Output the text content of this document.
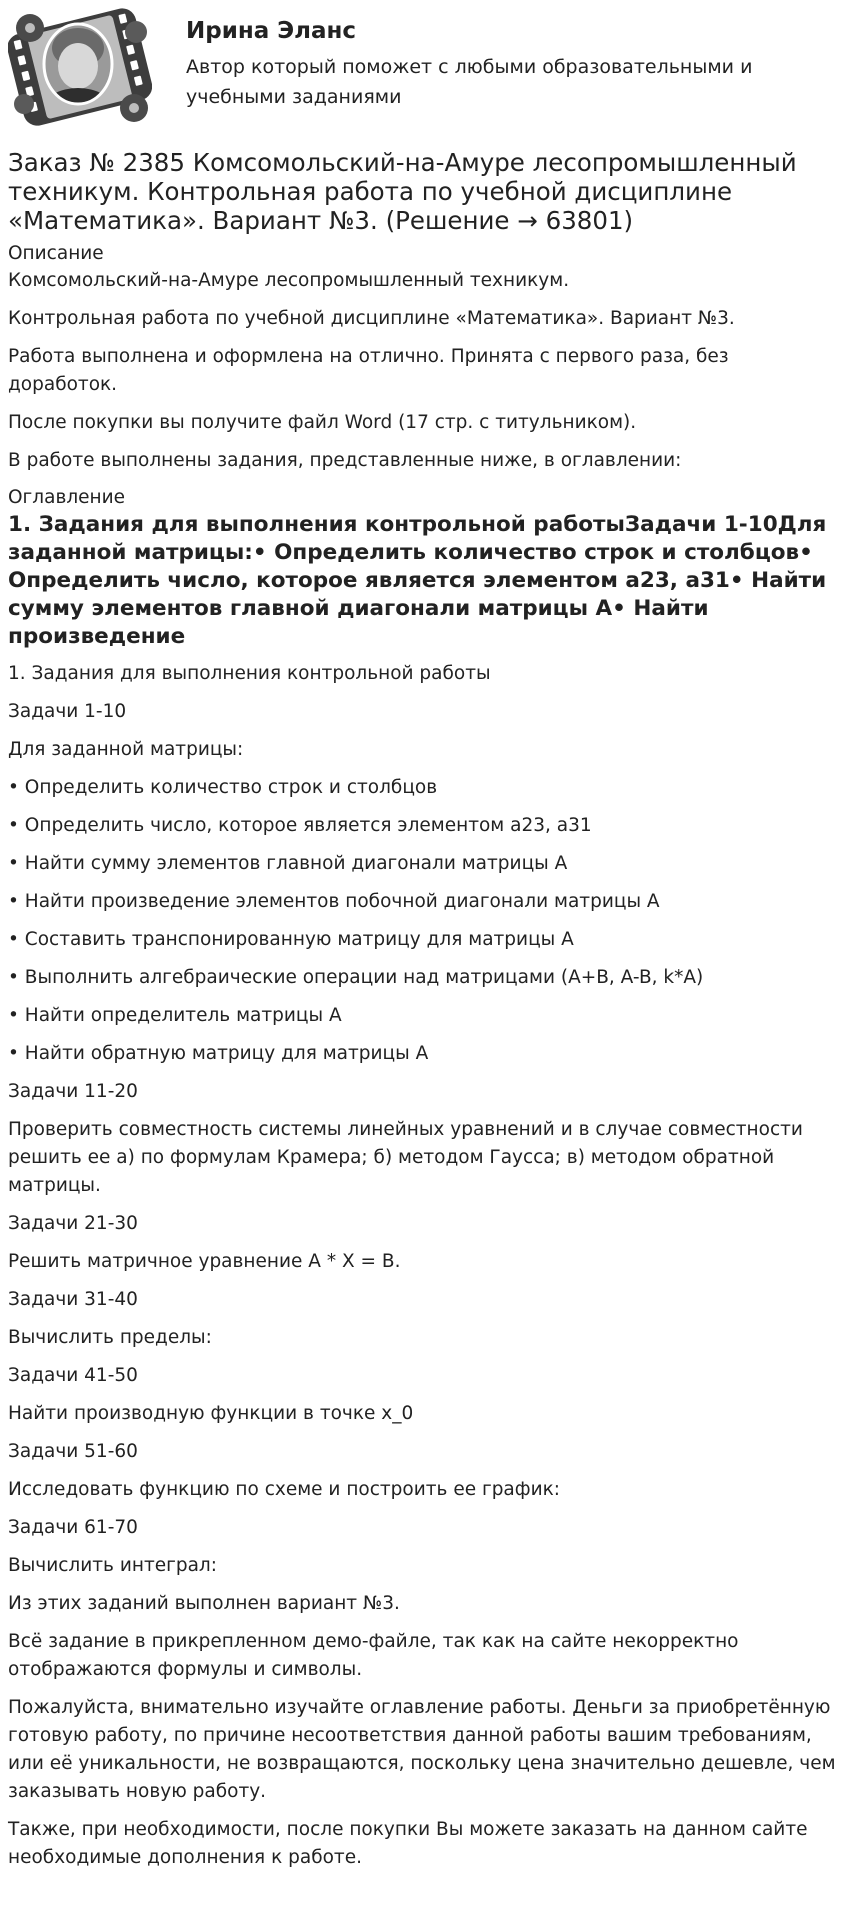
Ирина Эланс
Автор который поможет с любыми образовательными и учебными заданиями
Заказ № 2385 Комсомольский-на-Амуре лесопромышленный техникум. Контрольная работа по учебной дисциплине «Математика». Вариант №3. (Решение → 63801)
Описание

Комсомольский-на-Амуре лесопромышленный техникум.

Контрольная работа по учебной дисциплине «Математика». Вариант №3.

Работа выполнена и оформлена на отлично. Принята с первого раза, без доработок.

После покупки вы получите файл Word (17 стр. с титульником).

В работе выполнены задания, представленные ниже, в оглавлении:

Оглавление
1. Задания для выполнения контрольной работыЗадачи 1-10Для заданной матрицы:• Определить количество строк и столбцов• Определить число, которое является элементом a23, a31• Найти сумму элементов главной диагонали матрицы A• Найти произведение

1. Задания для выполнения контрольной работы

Задачи 1-10

Для заданной матрицы:

• Определить количество строк и столбцов

• Определить число, которое является элементом a23, a31

• Найти сумму элементов главной диагонали матрицы A

• Найти произведение элементов побочной диагонали матрицы A

• Составить транспонированную матрицу для матрицы A

• Выполнить алгебраические операции над матрицами (A+B, A-B, k*A)

• Найти определитель матрицы A

• Найти обратную матрицу для матрицы A

Задачи 11-20

Проверить совместность системы линейных уравнений и в случае совместности решить ее а) по формулам Крамера; б) методом Гаусса; в) методом обратной матрицы.

Задачи 21-30

Решить матричное уравнение A * X = B.

Задачи 31-40

Вычислить пределы:

Задачи 41-50

Найти производную функции в точке x_0

Задачи 51-60

Исследовать функцию по схеме и построить ее график:

Задачи 61-70

Вычислить интеграл:

Из этих заданий выполнен вариант №3.

Всё задание в прикрепленном демо-файле, так как на сайте некорректно отображаются формулы и символы.

Пожалуйста, внимательно изучайте оглавление работы. Деньги за приобретённую готовую работу, по причине несоответствия данной работы вашим требованиям, или её уникальности, не возвращаются, поскольку цена значительно дешевле, чем заказывать новую работу.

Также, при необходимости, после покупки Вы можете заказать на данном сайте необходимые дополнения к работе.
